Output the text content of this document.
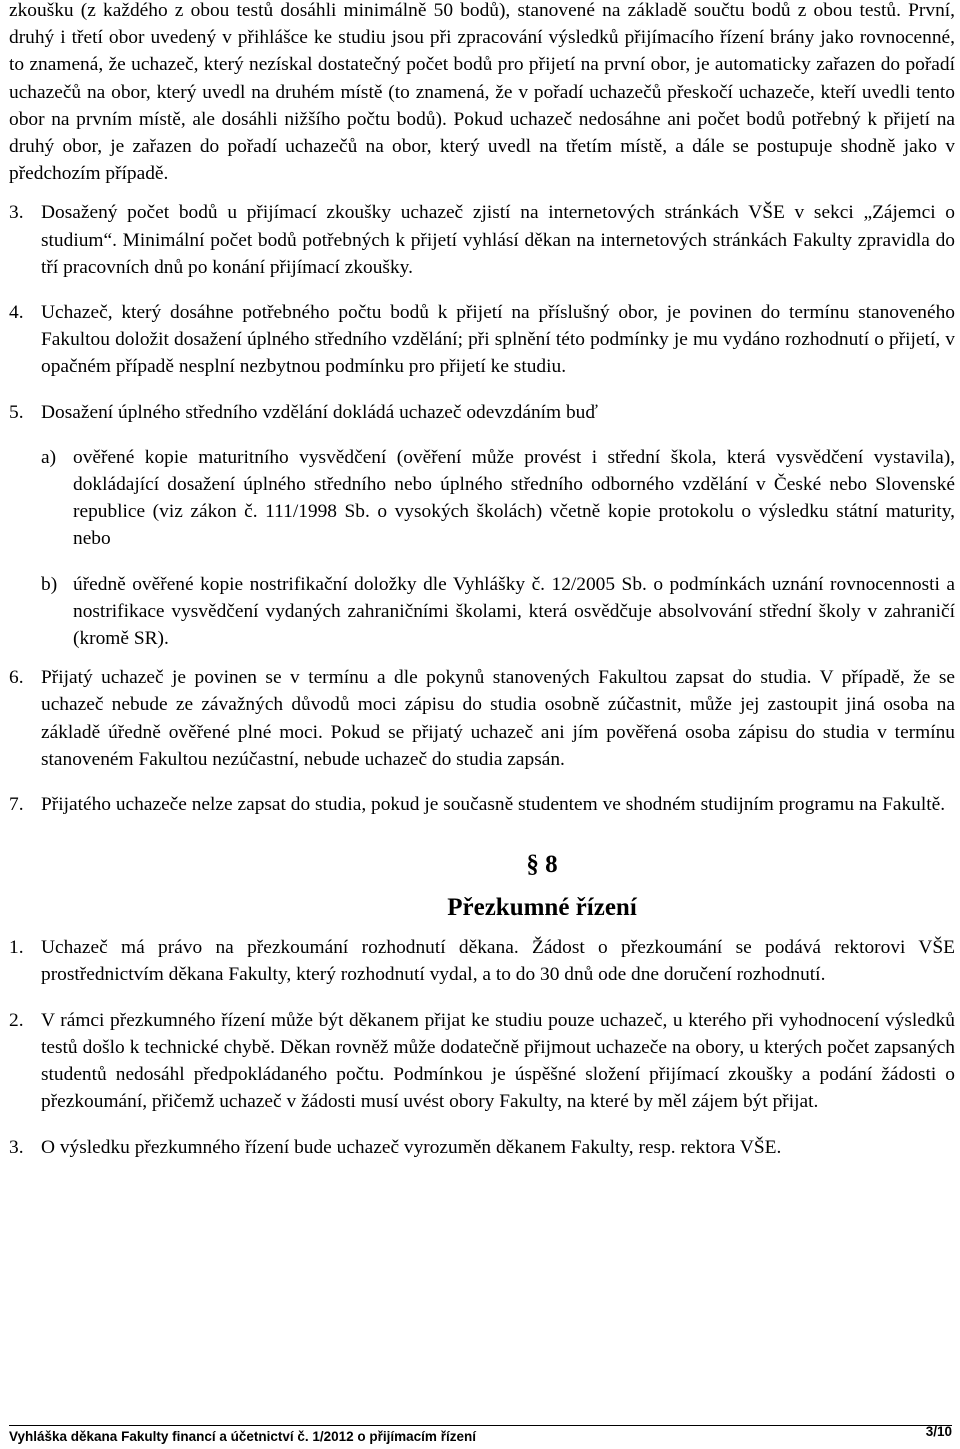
zkoušku (z každého z obou testů dosáhli minimálně 50 bodů), stanovené na základě součtu bodů z obou testů. První, druhý i třetí obor uvedený v přihlášce ke studiu jsou při zpracování výsledků přijímacího řízení brány jako rovnocenné, to znamená, že uchazeč, který nezískal dostatečný počet bodů pro přijetí na první obor, je automaticky zařazen do pořadí uchazečů na obor, který uvedl na druhém místě (to znamená, že v pořadí uchazečů přeskočí uchazeče, kteří uvedli tento obor na prvním místě, ale dosáhli nižšího počtu bodů). Pokud uchazeč nedosáhne ani počet bodů potřebný k přijetí na druhý obor, je zařazen do pořadí uchazečů na obor, který uvedl na třetím místě, a dále se postupuje shodně jako v předchozím případě.

3. Dosažený počet bodů u přijímací zkoušky uchazeč zjistí na internetových stránkách VŠE v sekci „Zájemci o studium“. Minimální počet bodů potřebných k přijetí vyhlásí děkan na internetových stránkách Fakulty zpravidla do tří pracovních dnů po konání přijímací zkoušky.

4. Uchazeč, který dosáhne potřebného počtu bodů k přijetí na příslušný obor, je povinen do termínu stanoveného Fakultou doložit dosažení úplného středního vzdělání; při splnění této podmínky je mu vydáno rozhodnutí o přijetí, v opačném případě nesplní nezbytnou podmínku pro přijetí ke studiu.

5. Dosažení úplného středního vzdělání dokládá uchazeč odevzdáním buď

a) ověřené kopie maturitního vysvědčení (ověření může provést i střední škola, která vysvědčení vystavila), dokládající dosažení úplného středního nebo úplného středního odborného vzdělání v České nebo Slovenské republice (viz zákon č. 111/1998 Sb. o vysokých školách) včetně kopie protokolu o výsledku státní maturity, nebo

b) úředně ověřené kopie nostrifikační doložky dle Vyhlášky č. 12/2005 Sb. o podmínkách uznání rovnocennosti a nostrifikace vysvědčení vydaných zahraničními školami, která osvědčuje absolvování střední školy v zahraničí (kromě SR).

6. Přijatý uchazeč je povinen se v termínu a dle pokynů stanovených Fakultou zapsat do studia. V případě, že se uchazeč nebude ze závažných důvodů moci zápisu do studia osobně zúčastnit, může jej zastoupit jiná osoba na základě úředně ověřené plné moci. Pokud se přijatý uchazeč ani jím pověřená osoba zápisu do studia v termínu stanoveném Fakultou nezúčastní, nebude uchazeč do studia zapsán.

7. Přijatého uchazeče nelze zapsat do studia, pokud je současně studentem ve shodném studijním programu na Fakultě.

§ 8
Přezkumné řízení
1. Uchazeč má právo na přezkoumání rozhodnutí děkana. Žádost o přezkoumání se podává rektorovi VŠE prostřednictvím děkana Fakulty, který rozhodnutí vydal, a to do 30 dnů ode dne doručení rozhodnutí.

2. V rámci přezkumného řízení může být děkanem přijat ke studiu pouze uchazeč, u kterého při vyhodnocení výsledků testů došlo k technické chybě. Děkan rovněž může dodatečně přijmout uchazeče na obory, u kterých počet zapsaných studentů nedosáhl předpokládaného počtu. Podmínkou je úspěšné složení přijímací zkoušky a podání žádosti o přezkoumání, přičemž uchazeč v žádosti musí uvést obory Fakulty, na které by měl zájem být přijat.

3. O výsledku přezkumného řízení bude uchazeč vyrozuměn děkanem Fakulty, resp. rektora VŠE.

Vyhláška děkana Fakulty financí a účetnictví č. 1/2012 o přijímacím řízení	3/10
